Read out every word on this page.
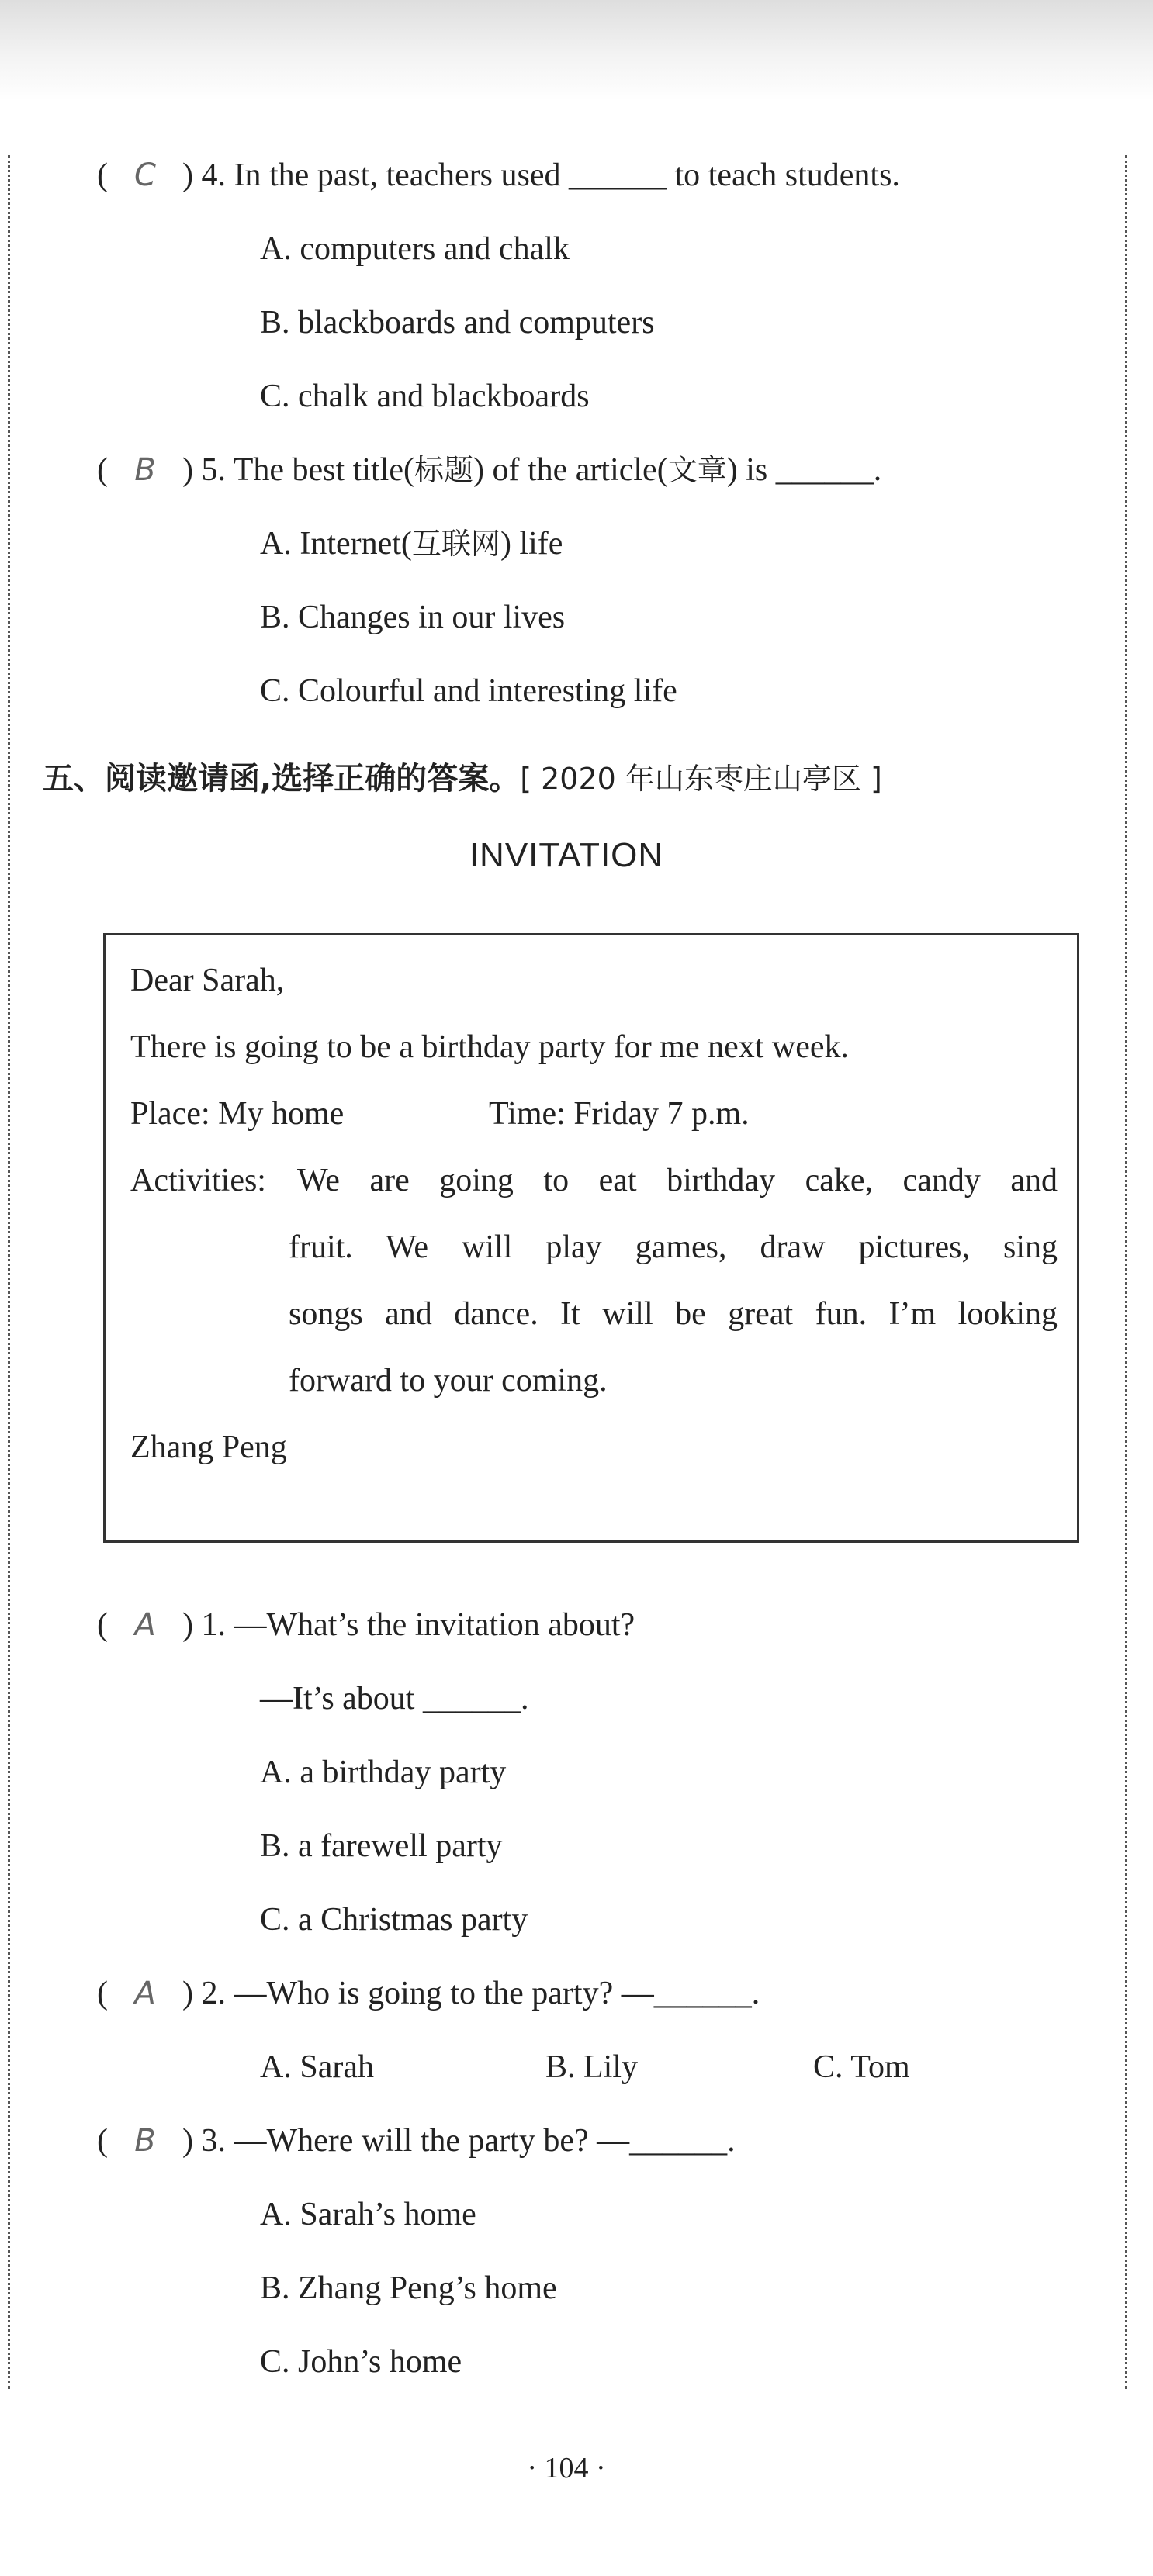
( C ) 4. In the past, teachers used ______ to teach students.
A. computers and chalk
B. blackboards and computers
C. chalk and blackboards
( B ) 5. The best title(标题) of the article(文章) is ______.
A. Internet(互联网) life
B. Changes in our lives
C. Colourful and interesting life
五、阅读邀请函,选择正确的答案。[ 2020 年山东枣庄山亭区 ]
INVITATION
Dear Sarah,
There is going to be a birthday party for me next week.
Place: My home	Time: Friday 7 p.m.
Activities: We are going to eat birthday cake, candy and
fruit. We will play games, draw pictures, sing
songs and dance. It will be great fun. I’m looking
forward to your coming.
Zhang Peng
( A ) 1. —What’s the invitation about?
—It’s about ______.
A. a birthday party
B. a farewell party
C. a Christmas party
( A ) 2. —Who is going to the party? —______.
A. Sarah	B. Lily	C. Tom
( B ) 3. —Where will the party be? —______.
A. Sarah’s home
B. Zhang Peng’s home
C. John’s home
· 104 ·
